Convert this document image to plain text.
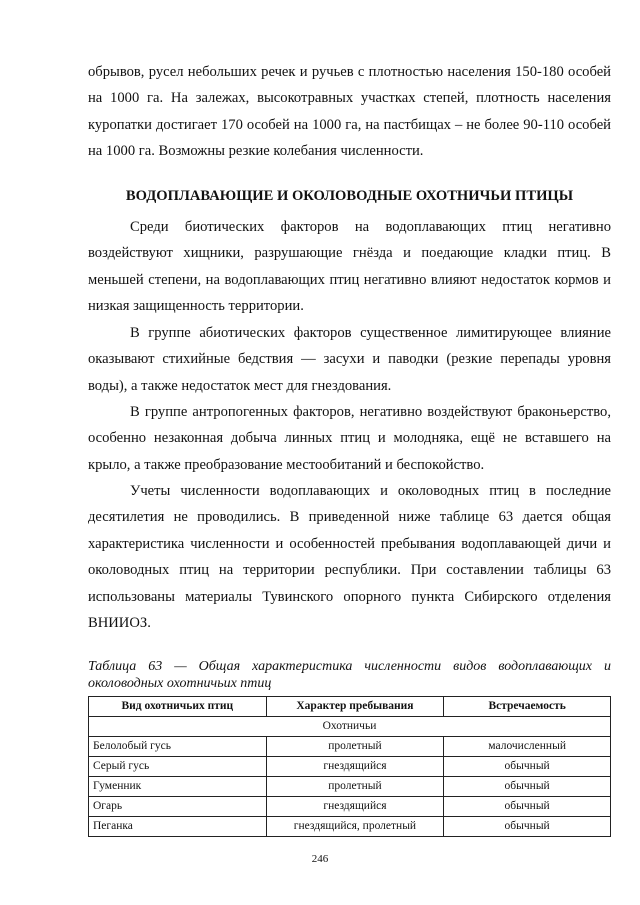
обрывов, русел небольших речек и ручьев с плотностью населения 150-180 особей на 1000 га. На залежах, высокотравных участках степей, плотность населения куропатки достигает 170 особей на 1000 га, на пастбищах – не более 90-110 особей на 1000 га. Возможны резкие колебания численности.

ВОДОПЛАВАЮЩИЕ И ОКОЛОВОДНЫЕ ОХОТНИЧЬИ ПТИЦЫ

Среди биотических факторов на водоплавающих птиц негативно воздействуют хищники, разрушающие гнёзда и поедающие кладки птиц. В меньшей степени, на водоплавающих птиц негативно влияют недостаток кормов и низкая защищенность территории.

В группе абиотических факторов существенное лимитирующее влияние оказывают стихийные бедствия — засухи и паводки (резкие перепады уровня воды), а также недостаток мест для гнездования.

В группе антропогенных факторов, негативно воздействуют браконьерство, особенно незаконная добыча линных птиц и молодняка, ещё не вставшего на крыло, а также преобразование местообитаний и беспокойство.

Учеты численности водоплавающих и околоводных птиц в последние десятилетия не проводились. В приведенной ниже таблице 63 дается общая характеристика численности и особенностей пребывания водоплавающей дичи и околоводных птиц на территории республики. При составлении таблицы 63 использованы материалы Тувинского опорного пункта Сибирского отделения ВНИИОЗ.

Таблица 63 — Общая характеристика численности видов водоплавающих и околоводных охотничьих птиц

Вид охотничьих птиц	Характер пребывания	Встречаемость
Охотничьи		
Белолобый гусь	пролетный	малочисленный
Серый гусь	гнездящийся	обычный
Гуменник	пролетный	обычный
Огарь	гнездящийся	обычный
Пеганка	гнездящийся, пролетный	обычный
246
